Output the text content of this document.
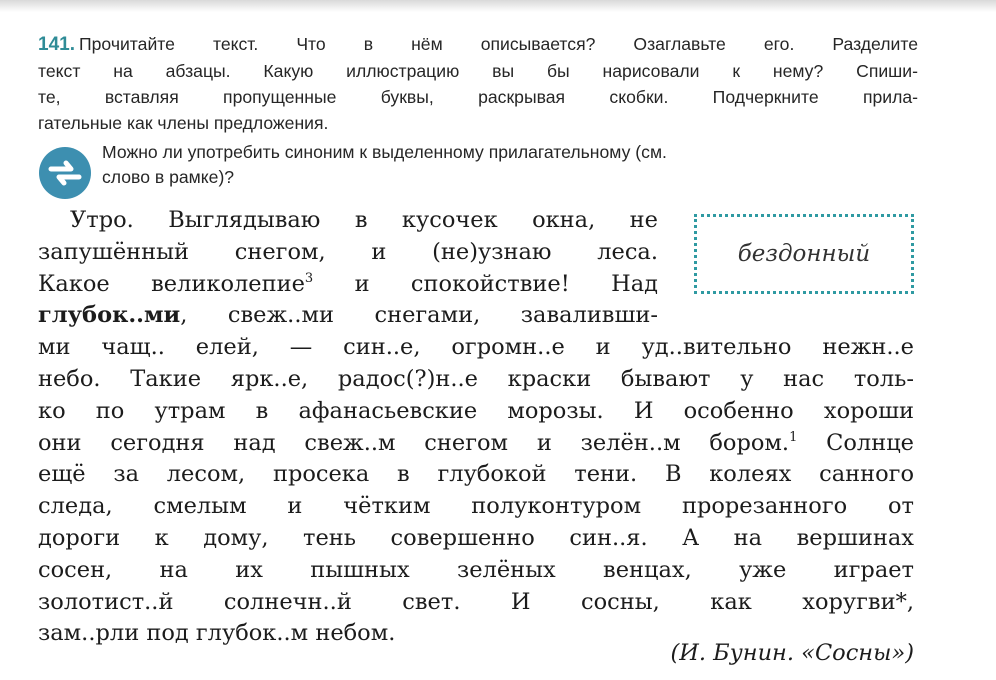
141. Прочитайте текст. Что в нём описывается? Озаглавьте его. Разделите
текст на абзацы. Какую иллюстрацию вы бы нарисовали к нему? Спиши-
те, вставляя пропущенные буквы, раскрывая скобки. Подчеркните прила-
гательные как члены предложения.
Можно ли употребить синоним к выделенному прилагательному (см.
слово в рамке)?
бездонный
Утро. Выглядываю в кусочек окна, не
запушённый снегом, и (не)узнаю леса.
Какое великолепие$^3$ и спокойствие! Над
глубок..ми, свеж..ми снегами, заваливши-
ми чащ.. елей, — син..е, огромн..е и уд..вительно нежн..е
небо. Такие ярк..е, радос(?)н..е краски бывают у нас толь-
ко по утрам в афанасьевские морозы. И особенно хороши
они сегодня над свеж..м снегом и зелён..м бором.$^1$ Солнце
ещё за лесом, просека в глубокой тени. В колеях санного
следа, смелым и чётким полуконтуром прорезанного от
дороги к дому, тень совершенно син..я. А на вершинах
сосен, на их пышных зелёных венцах, уже играет
золотист..й солнечн..й свет. И сосны, как хоругви*,
зам..рли под глубок..м небом.
(И. Бунин. «Сосны»)
